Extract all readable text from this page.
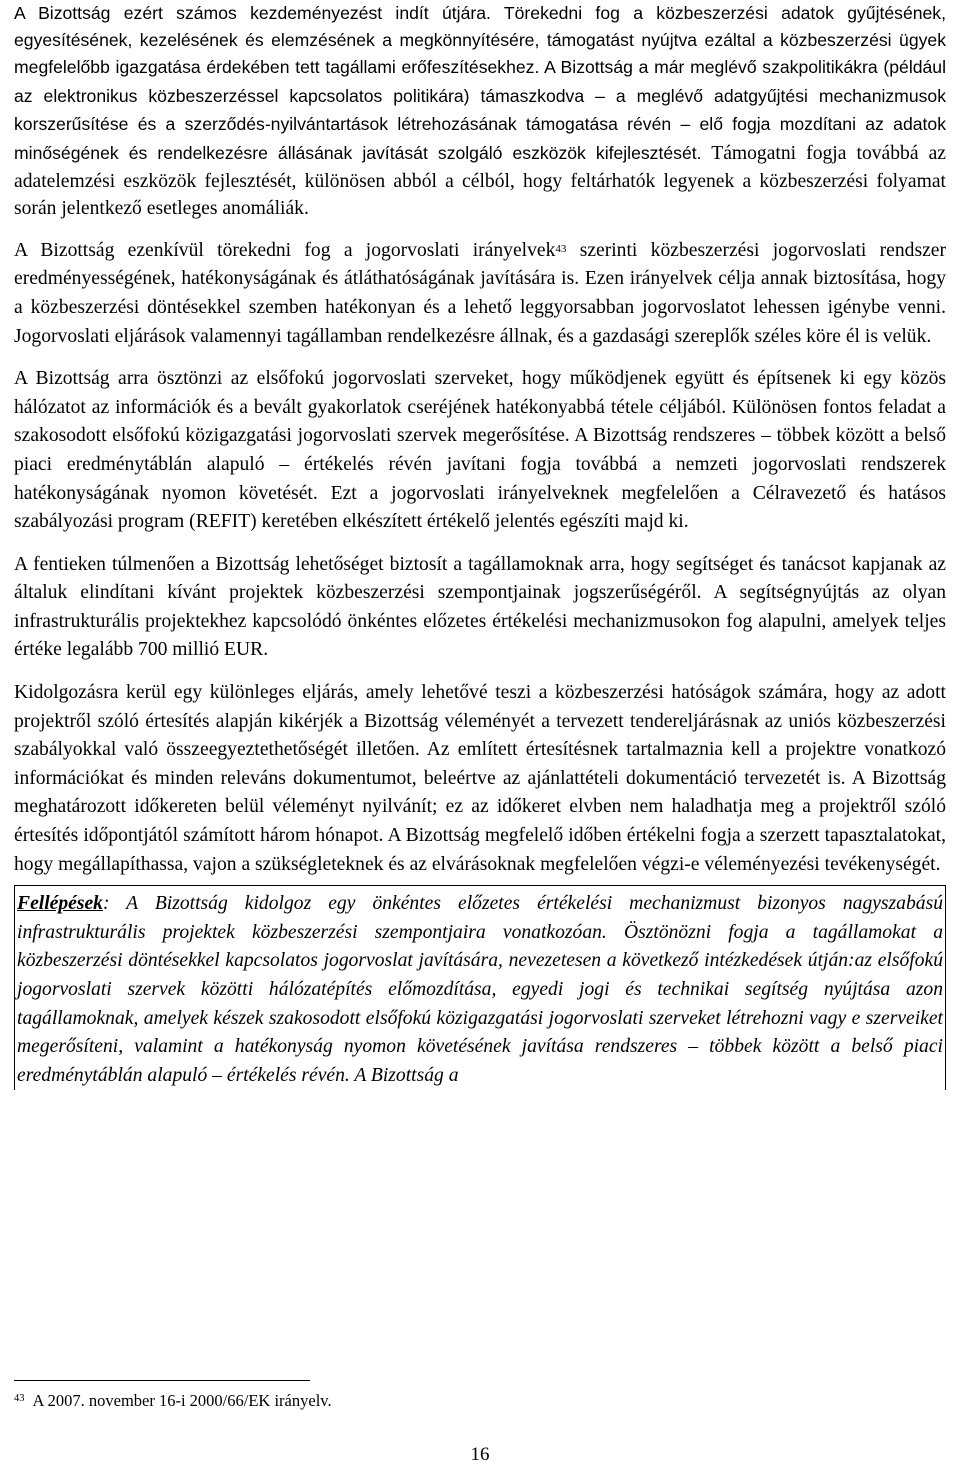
A Bizottság ezért számos kezdeményezést indít útjára. Törekedni fog a közbeszerzési adatok gyűjtésének, egyesítésének, kezelésének és elemzésének a megkönnyítésére, támogatást nyújtva ezáltal a közbeszerzési ügyek megfelelőbb igazgatása érdekében tett tagállami erőfeszítésekhez. A Bizottság a már meglévő szakpolitikákra (például az elektronikus közbeszerzéssel kapcsolatos politikára) támaszkodva – a meglévő adatgyűjtési mechanizmusok korszerűsítése és a szerződés-nyilvántartások létrehozásának támogatása révén – elő fogja mozdítani az adatok minőségének és rendelkezésre állásának javítását szolgáló eszközök kifejlesztését. Támogatni fogja továbbá az adatelemzési eszközök fejlesztését, különösen abból a célból, hogy feltárhatók legyenek a közbeszerzési folyamat során jelentkező esetleges anomáliák.

A Bizottság ezenkívül törekedni fog a jogorvoslati irányelvek$^{43}$ szerinti közbeszerzési jogorvoslati rendszer eredményességének, hatékonyságának és átláthatóságának javítására is. Ezen irányelvek célja annak biztosítása, hogy a közbeszerzési döntésekkel szemben hatékonyan és a lehető leggyorsabban jogorvoslatot lehessen igénybe venni. Jogorvoslati eljárások valamennyi tagállamban rendelkezésre állnak, és a gazdasági szereplők széles köre él is velük.

A Bizottság arra ösztönzi az elsőfokú jogorvoslati szerveket, hogy működjenek együtt és építsenek ki egy közös hálózatot az információk és a bevált gyakorlatok cseréjének hatékonyabbá tétele céljából. Különösen fontos feladat a szakosodott elsőfokú közigazgatási jogorvoslati szervek megerősítése. A Bizottság rendszeres – többek között a belső piaci eredménytáblán alapuló – értékelés révén javítani fogja továbbá a nemzeti jogorvoslati rendszerek hatékonyságának nyomon követését. Ezt a jogorvoslati irányelveknek megfelelően a Célravezető és hatásos szabályozási program (REFIT) keretében elkészített értékelő jelentés egészíti majd ki.

A fentieken túlmenően a Bizottság lehetőséget biztosít a tagállamoknak arra, hogy segítséget és tanácsot kapjanak az általuk elindítani kívánt projektek közbeszerzési szempontjainak jogszerűségéről. A segítségnyújtás az olyan infrastrukturális projektekhez kapcsolódó önkéntes előzetes értékelési mechanizmusokon fog alapulni, amelyek teljes értéke legalább 700 millió EUR.

Kidolgozásra kerül egy különleges eljárás, amely lehetővé teszi a közbeszerzési hatóságok számára, hogy az adott projektről szóló értesítés alapján kikérjék a Bizottság véleményét a tervezett tendereljárásnak az uniós közbeszerzési szabályokkal való összeegyeztethetőségét illetően. Az említett értesítésnek tartalmaznia kell a projektre vonatkozó információkat és minden releváns dokumentumot, beleértve az ajánlattételi dokumentáció tervezetét is. A Bizottság meghatározott időkereten belül véleményt nyilvánít; ez az időkeret elvben nem haladhatja meg a projektről szóló értesítés időpontjától számított három hónapot. A Bizottság megfelelő időben értékelni fogja a szerzett tapasztalatokat, hogy megállapíthassa, vajon a szükségleteknek és az elvárásoknak megfelelően végzi-e véleményezési tevékenységét.

Fellépések: A Bizottság kidolgoz egy önkéntes előzetes értékelési mechanizmust bizonyos nagyszabású infrastrukturális projektek közbeszerzési szempontjaira vonatkozóan. Ösztönözni fogja a tagállamokat a közbeszerzési döntésekkel kapcsolatos jogorvoslat javítására, nevezetesen a következő intézkedések útján:az elsőfokú jogorvoslati szervek közötti hálózatépítés előmozdítása, egyedi jogi és technikai segítség nyújtása azon tagállamoknak, amelyek készek szakosodott elsőfokú közigazgatási jogorvoslati szerveket létrehozni vagy e szerveiket megerősíteni, valamint a hatékonyság nyomon követésének javítása rendszeres – többek között a belső piaci eredménytáblán alapuló – értékelés révén. A Bizottság a

$^{43}$ A 2007. november 16-i 2000/66/EK irányelv.
16
